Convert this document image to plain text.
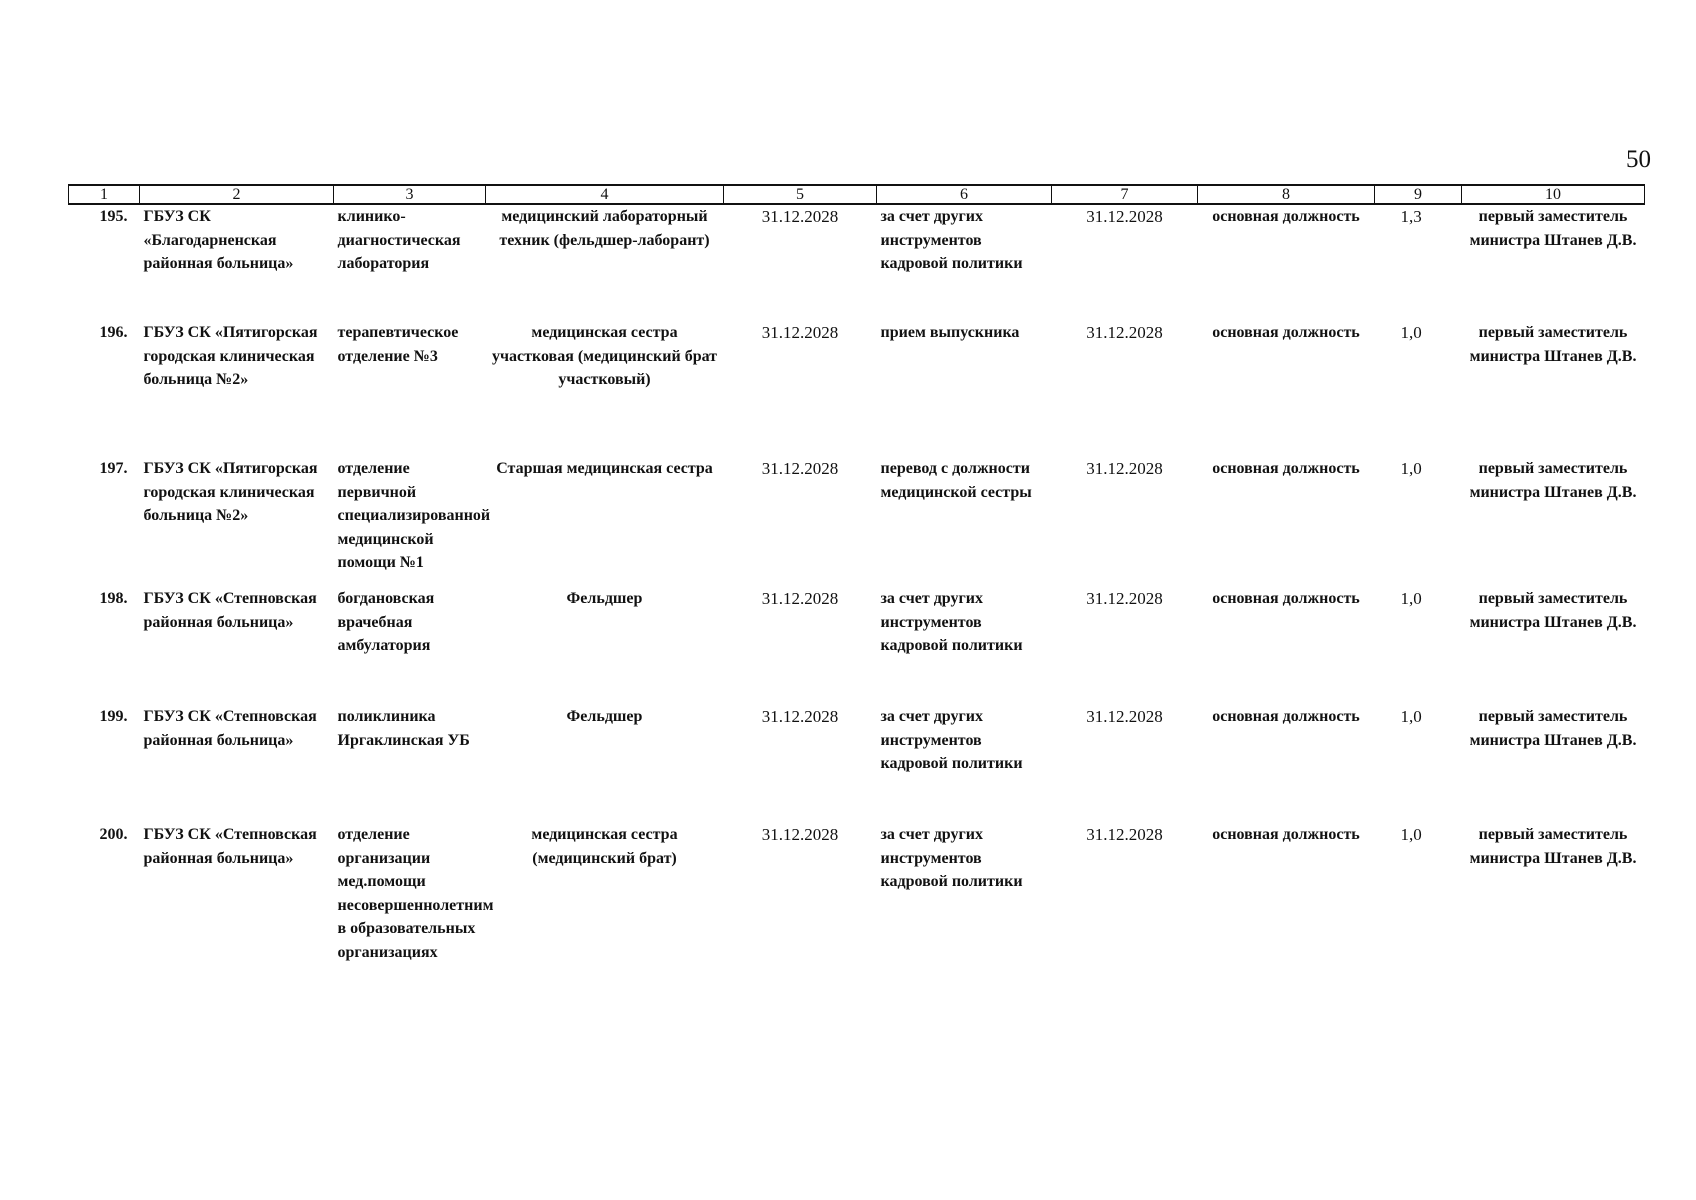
50
1	2	3	4	5	6	7	8	9	10
195.	ГБУЗ СК «Благодарненская районная больница»	клинико-диагностическая лаборатория	медицинский лабораторный техник (фельдшер-лаборант)	31.12.2028	за счет других инструментов кадровой политики	31.12.2028	основная должность	1,3	первый заместитель министра Штанев Д.В.
196.	ГБУЗ СК «Пятигорская городская клиническая больница №2»	терапевтическое отделение №3	медицинская сестра участковая (медицинский брат участковый)	31.12.2028	прием выпускника	31.12.2028	основная должность	1,0	первый заместитель министра Штанев Д.В.
197.	ГБУЗ СК «Пятигорская городская клиническая больница №2»	отделение первичной специализированной медицинской помощи №1	Старшая медицинская сестра	31.12.2028	перевод с должности медицинской сестры	31.12.2028	основная должность	1,0	первый заместитель министра Штанев Д.В.
198.	ГБУЗ СК «Степновская районная больница»	богдановская врачебная амбулатория	Фельдшер	31.12.2028	за счет других инструментов кадровой политики	31.12.2028	основная должность	1,0	первый заместитель министра Штанев Д.В.
199.	ГБУЗ СК «Степновская районная больница»	поликлиника Иргаклинская УБ	Фельдшер	31.12.2028	за счет других инструментов кадровой политики	31.12.2028	основная должность	1,0	первый заместитель министра Штанев Д.В.
200.	ГБУЗ СК «Степновская районная больница»	отделение организации мед.помощи несовершеннолетним в образовательных организациях	медицинская сестра (медицинский брат)	31.12.2028	за счет других инструментов кадровой политики	31.12.2028	основная должность	1,0	первый заместитель министра Штанев Д.В.
